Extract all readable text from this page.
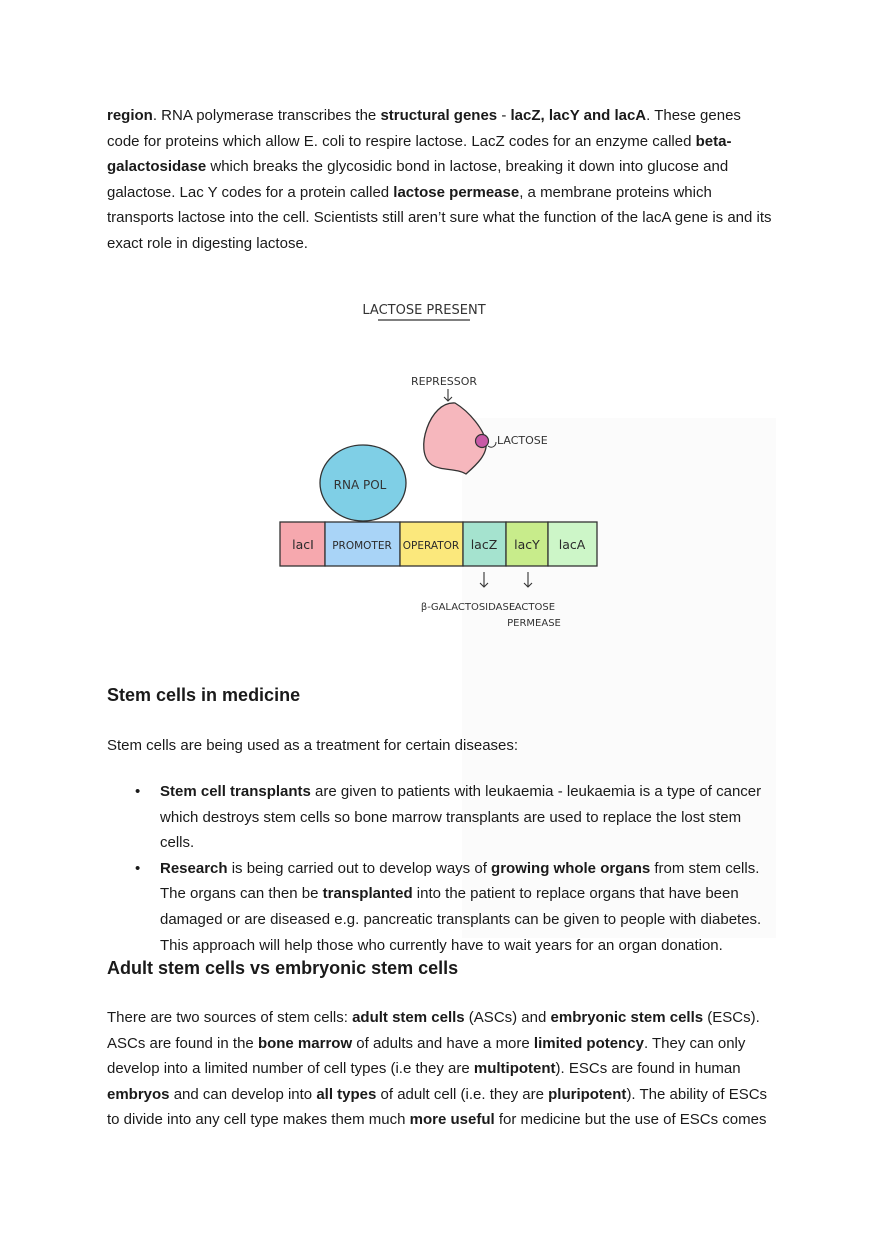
region. RNA polymerase transcribes the structural genes - lacZ, lacY and lacA. These genes code for proteins which allow E. coli to respire lactose. LacZ codes for an enzyme called beta-galactosidase which breaks the glycosidic bond in lactose, breaking it down into glucose and galactose. Lac Y codes for a protein called lactose permease, a membrane proteins which transports lactose into the cell. Scientists still aren’t sure what the function of the lacA gene is and its exact role in digesting lactose.

LACTOSE PRESENT
REPRESSOR
LACTOSE
RNA POL
lacI PROMOTER OPERATOR lacZ lacY lacA
β-GALACTOSIDASE
LACTOSE
PERMEASE
Stem cells in medicine

Stem cells are being used as a treatment for certain diseases:

• Stem cell transplants are given to patients with leukaemia - leukaemia is a type of cancer which destroys stem cells so bone marrow transplants are used to replace the lost stem cells.
• Research is being carried out to develop ways of growing whole organs from stem cells. The organs can then be transplanted into the patient to replace organs that have been damaged or are diseased e.g. pancreatic transplants can be given to people with diabetes. This approach will help those who currently have to wait years for an organ donation.
Adult stem cells vs embryonic stem cells

There are two sources of stem cells: adult stem cells (ASCs) and embryonic stem cells (ESCs). ASCs are found in the bone marrow of adults and have a more limited potency. They can only develop into a limited number of cell types (i.e they are multipotent). ESCs are found in human embryos and can develop into all types of adult cell (i.e. they are pluripotent). The ability of ESCs to divide into any cell type makes them much more useful for medicine but the use of ESCs comes
